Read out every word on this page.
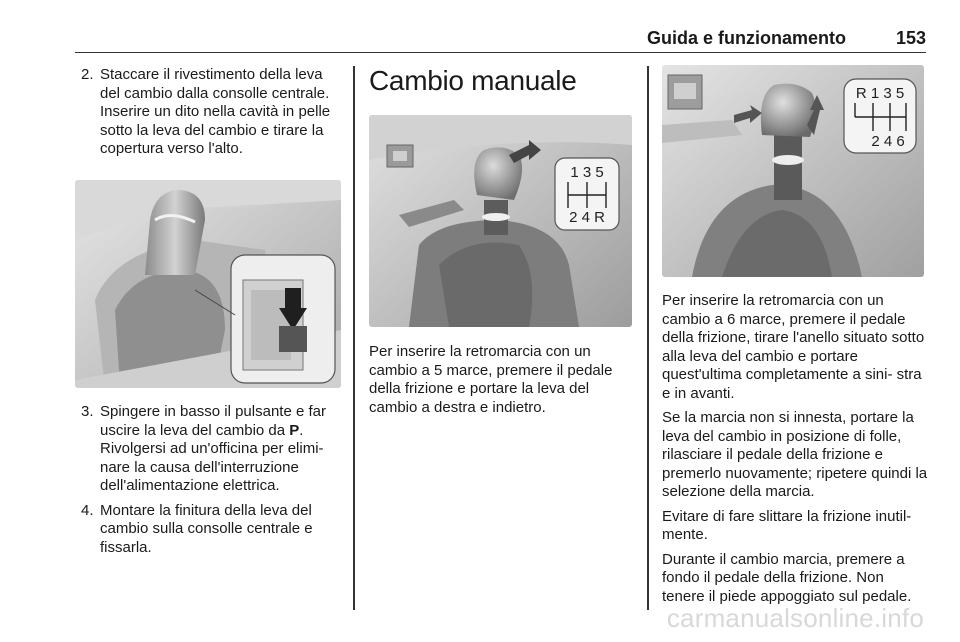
Guida e funzionamento	153
2. Staccare il rivestimento della leva del cambio dalla consolle centrale. Inserire un dito nella cavità in pelle sotto la leva del cambio e tirare la copertura verso l'alto.
3. Spingere in basso il pulsante e far uscire la leva del cambio da P. Rivolgersi ad un'officina per elimi- nare la causa dell'interruzione dell'alimentazione elettrica.
4. Montare la finitura della leva del cambio sulla consolle centrale e fissarla.
Cambio manuale
1 3 5
2 4 R

Per inserire la retromarcia con un cambio a 5 marce, premere il pedale della frizione e portare la leva del cambio a destra e indietro.

R 1 3 5
2 4 6

Per inserire la retromarcia con un cambio a 6 marce, premere il pedale della frizione, tirare l'anello situato sotto alla leva del cambio e portare quest'ultima completamente a sini- stra e in avanti.

Se la marcia non si innesta, portare la leva del cambio in posizione di folle, rilasciare il pedale della frizione e premerlo nuovamente; ripetere quindi la selezione della marcia.

Evitare di fare slittare la frizione inutil- mente.

Durante il cambio marcia, premere a fondo il pedale della frizione. Non tenere il piede appoggiato sul pedale.

carmanualsonline.info
